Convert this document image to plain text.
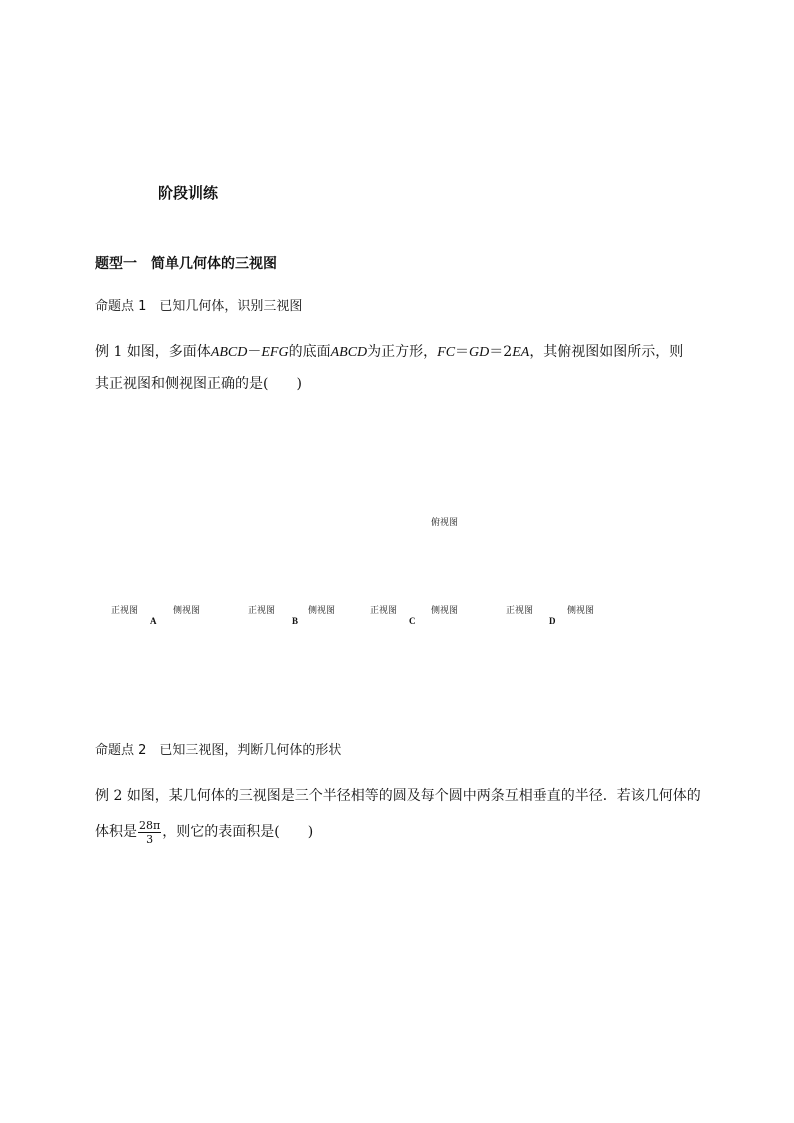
阶段训练
题型一　简单几何体的三视图
命题点 1　已知几何体，识别三视图
例 1 如图，多面体ABCD－EFG的底面ABCD为正方形，FC＝GD＝2EA，其俯视图如图所示，则
其正视图和侧视图正确的是(　　)
G	F
D	C
E
A	B
俯视图
正视图	侧视图
A
正视图	侧视图
B
正视图	侧视图
C
正视图	侧视图
D
命题点 2　已知三视图，判断几何体的形状
例 2 如图，某几何体的三视图是三个半径相等的圆及每个圆中两条互相垂直的半径．若该几何体的
体积是 $\frac{28\pi}{3}$ ，则它的表面积是(　　)
